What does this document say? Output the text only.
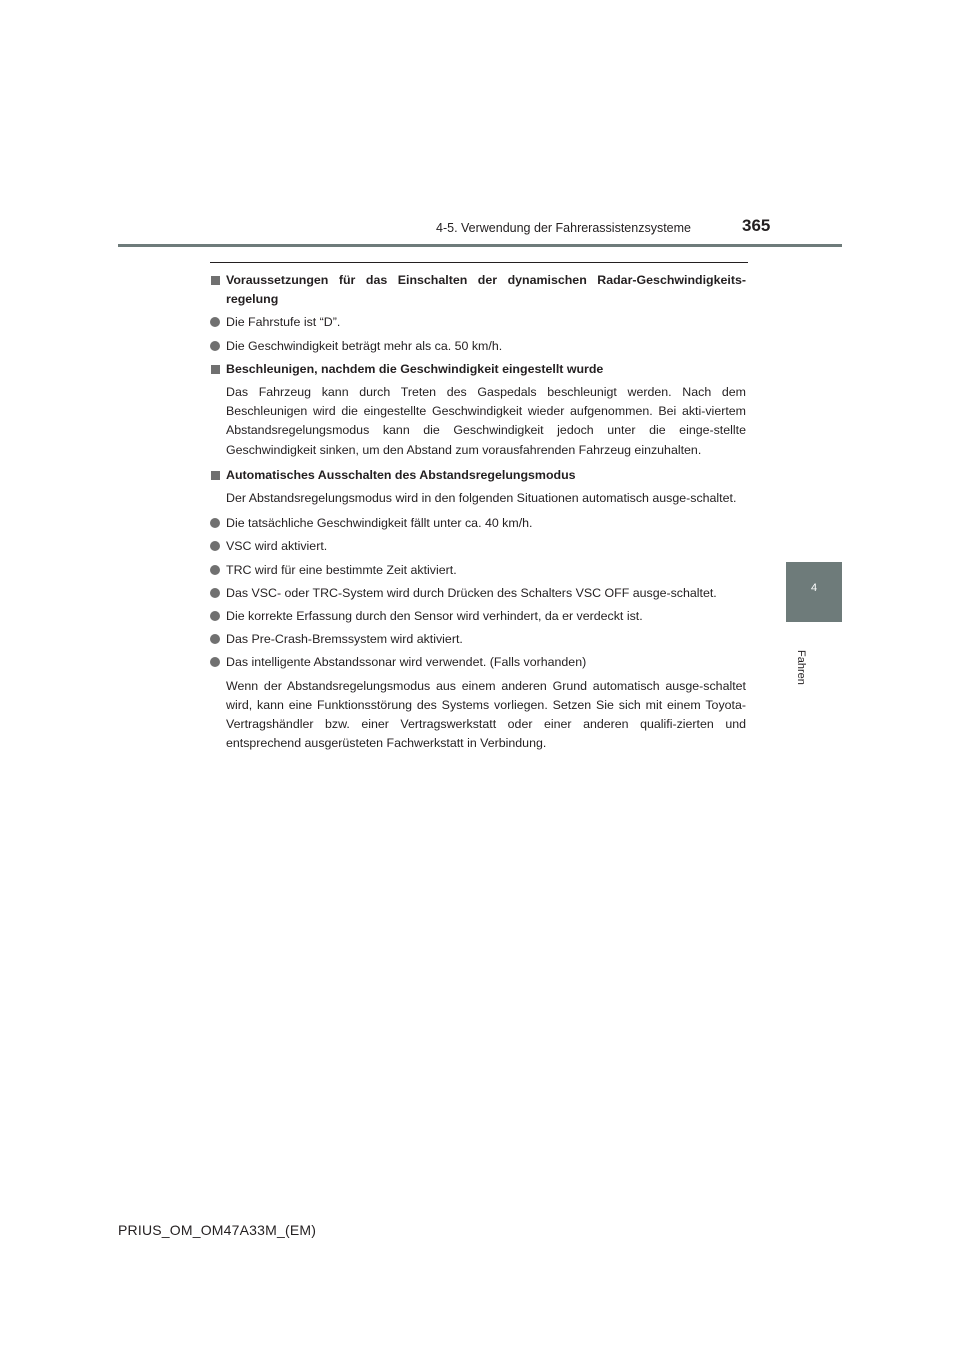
4-5. Verwendung der Fahrerassistenzsysteme	365
4
Fahren
Voraussetzungen für das Einschalten der dynamischen Radar-Geschwindigkeits-regelung
Die Fahrstufe ist “D”.
Die Geschwindigkeit beträgt mehr als ca. 50 km/h.
Beschleunigen, nachdem die Geschwindigkeit eingestellt wurde
Das Fahrzeug kann durch Treten des Gaspedals beschleunigt werden. Nach dem Beschleunigen wird die eingestellte Geschwindigkeit wieder aufgenommen. Bei akti-viertem Abstandsregelungsmodus kann die Geschwindigkeit jedoch unter die einge-stellte Geschwindigkeit sinken, um den Abstand zum vorausfahrenden Fahrzeug einzuhalten.
Automatisches Ausschalten des Abstandsregelungsmodus
Der Abstandsregelungsmodus wird in den folgenden Situationen automatisch ausge-schaltet.
Die tatsächliche Geschwindigkeit fällt unter ca. 40 km/h.
VSC wird aktiviert.
TRC wird für eine bestimmte Zeit aktiviert.
Das VSC- oder TRC-System wird durch Drücken des Schalters VSC OFF ausge-schaltet.
Die korrekte Erfassung durch den Sensor wird verhindert, da er verdeckt ist.
Das Pre-Crash-Bremssystem wird aktiviert.
Das intelligente Abstandssonar wird verwendet. (Falls vorhanden)
Wenn der Abstandsregelungsmodus aus einem anderen Grund automatisch ausge-schaltet wird, kann eine Funktionsstörung des Systems vorliegen. Setzen Sie sich mit einem Toyota-Vertragshändler bzw. einer Vertragswerkstatt oder einer anderen qualifi-zierten und entsprechend ausgerüsteten Fachwerkstatt in Verbindung.
PRIUS_OM_OM47A33M_(EM)
